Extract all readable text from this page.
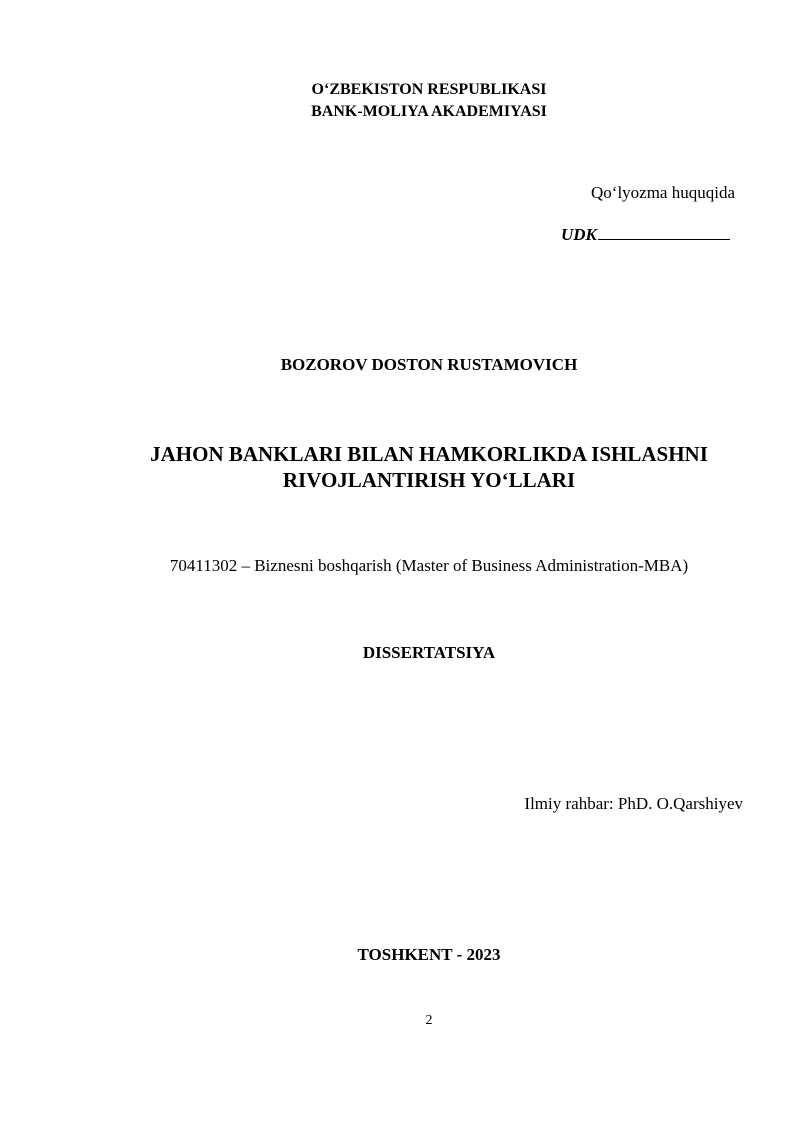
O‘ZBEKISTON RESPUBLIKASI
BANK-MOLIYA AKADEMIYASI
Qo‘lyozma huquqida
UDK
BOZOROV DOSTON RUSTAMOVICH
JAHON BANKLARI BILAN HAMKORLIKDA ISHLASHNI
RIVOJLANTIRISH YO‘LLARI
70411302 – Biznesni boshqarish (Master of Business Administration-MBA)
DISSERTATSIYA
Ilmiy rahbar: PhD. O.Qarshiyev
TOSHKENT - 2023
2
